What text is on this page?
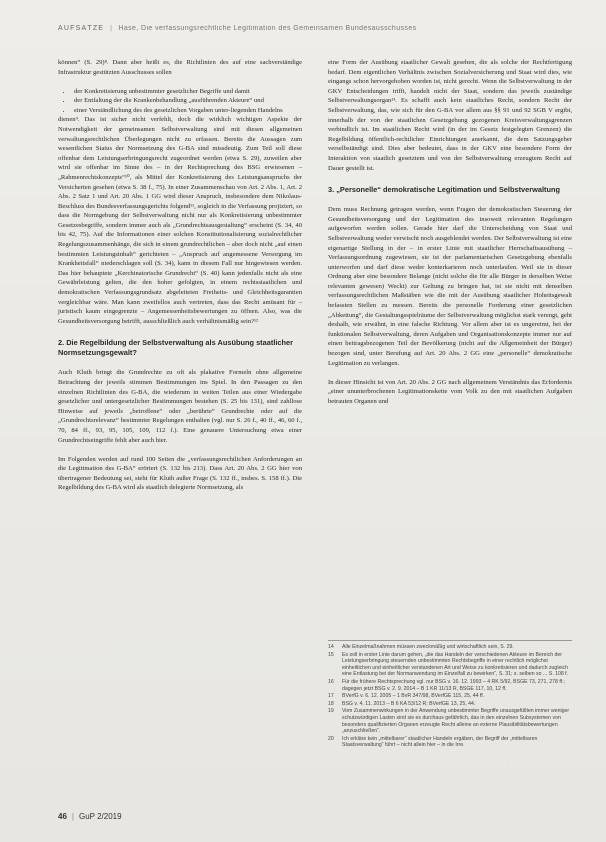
AUFSÄTZE | Hase, Die verfassungsrechtliche Legitimation des Gemeinsamen Bundesausschusses

können“ (S. 29)⁸. Dann aber heißt es, die Richtlinien des auf eine sachverständige Infrastruktur gestützten Ausschusses sollen

• der Konkretisierung unbestimmter gesetzlicher Begriffe und damit
• der Entfaltung der die Krankenbehandlung „ausführenden Akteure“ und
• einer Verständlichung des des gesetzlichen Vorgaben unter-liegenden Handelns

dienen⁹. Das ist sicher nicht verfehlt, doch die wirklich wichtigen Aspekte der Notwendigkeit der gemeinsamen Selbstverwaltung sind mit diesen allgemeinen verwaltungsrechtlichen Überlegungen nicht zu erfassen. Bereits die Aussagen zum wesentlichen Status der Normsetzung des G-BA sind missdeutig. Zum Teil soll diese offenbar dem Leistungserbringungsrecht zugeordnet werden (etwa S. 29), zuweilen aber wird sie offenbar im Sinne des – in der Rechtsprechung des BSG erwiesenen – „Rahmenrechtskonzepts“¹⁰, als Mittel der Konkretisierung des Leistungsanspruchs der Versicherten gesehen (etwa S. 38 f., 75). In einer Zusammenschau von Art. 2 Abs. 1, Art. 2 Abs. 2 Satz 1 und Art. 20 Abs. 1 GG wird dieser Anspruch, insbesondere dem Nikolaus-Beschluss des Bundesverfassungsgerichts folgend¹¹, sogleich in die Verfassung projiziert, so dass die Normgebung der Selbstverwaltung nicht nur als Konkretisierung unbestimmter Gesetzesbegriffe, sondern immer auch als „Grundrechtsausgestaltung“ erscheint (S. 34, 40 bis 42, 75). Auf die Informationen einer solchen Konstitutionalisierung sozialrechtlicher Regelungszusammenhänge, die sich in einem grundrechtlichen – aber doch nicht „auf einen bestimmten Leistungsinhalt“ gerichteten – „Anspruch auf angemessene Versorgung im Krankheitsfall“ niederschlagen soll (S. 34), kann in diesem Fall nur hingewiesen werden. Das hier behauptete „Kerchinatorische Grundrecht“ (S. 40) kann jedenfalls nicht als eine Gewährleistung gelten, die den hoher gefolgten, in einem rechtsstaatlichen und demokratischen Verfassungsgrundsatz abgeleiteten Freiheits- und Gleichheitsgarantien vergleichbar wäre. Man kann zweifellos auch vertreten, dass das Recht amüsant für – juristisch kaum eingegrenzte – Angemessenheitsbewertungen zu öffnen. Also, was die Gesundheitsversorgung betrifft, ausschließlich auch verhältnismäßig sein?¹²

2. Die Regelbildung der Selbstverwaltung als Ausübung staatlicher Normsetzungsgewalt?

Auch Kluth bringt die Grundrechte zu oft als plakative Formeln ohne allgemeine Betrachtung der jeweils stimmen Bestimmungen ins Spiel. In den Passagen zu den einzelnen Richtlinien des G-BA, die wiederum in weiten Teilen aus einer Wiedergabe gesetzlicher und untergesetzlicher Bestimmungen bestehen (S. 25 bis 131), sind zahllose Hinweise auf jeweils „betroffene“ oder „berührte“ Grundrechte oder auf die „Grundrechtsrelevanz“ bestimmter Regelungen enthalten (vgl. nur S. 26 f., 40 ff., 46, 60 f., 70, 84 ff., 93, 95, 105, 109, 112 f.). Eine genauere Untersuchung etwa einer Grundrechtseingriffe fehlt aber auch hier.

Im Folgenden werden auf rund 100 Seiten die „verfassungsrechtlichen Anforderungen an die Legitimation des G-BA“ erörtert (S. 132 bis 213). Dass Art. 20 Abs. 2 GG hier von übertragener Bedeutung sei, steht für Kluth außer Frage (S. 132 ff., insbes. S. 158 ff.). Die Regelbildung des G-BA wird als staatlich delegierte Normsetzung, als

eine Form der Ausübung staatlicher Gewalt gesehen, die als solche der Rechtfertigung bedarf. Dem eigentlichen Verhältnis zwischen Sozialversicherung und Staat wird dies, wie eingangs schon hervorgehoben worden ist, nicht gerecht. Wenn die Selbstverwaltung in der GKV Entscheidungen trifft, handelt nicht der Staat, sondern das jeweils zuständige Selbstverwaltungsorgan¹³. Es schafft auch kein staatliches Recht, sondern Recht der Selbstverwaltung, das, wie sich für den G-BA vor allem aus §§ 91 und 92 SGB V ergibt, innerhalb der von der staatlichen Gesetzgebung gezogenen Kreisverwaltungsgrenzen verbindlich ist. Im staatlichen Recht wird (in der im Gesetz festgelegten Grenzen) die Regelbildung öffentlich-rechtlicher Einrichtungen anerkannt, die dem Satzungsgeber verselbständigt sind. Dies aber bedeutet, dass in der GKV eine besondere Form der Interaktion von staatlich gesetztem und von der Selbstverwaltung erzeugtem Recht auf Dauer gestellt ist.

3. „Personelle“ demokratische Legitimation und Selbstverwaltung

Dem muss Rechnung getragen werden, wenn Fragen der demokratischen Steuerung der Gesundheitsversorgung und der Legitimation des insoweit relevanten Regelungen aufgeworfen werden sollen. Gerade hier darf die Unterscheidung von Staat und Selbstverwaltung weder verwischt noch ausgeblendet werden. Der Selbstverwaltung ist eine eigenartige Stellung in der – in erster Linie mit staatlicher Herrschaftsausübung – Verfassungsordnung zugewiesen, sie ist der parlamentarischen Gesetzgebung ebenfalls unterworfen und darf diese weder konterkarieren noch unterlaufen. Weil sie in dieser Ordnung aber eine besondere Belange (nicht solche die für alle Bürger in derselben Weise relevanten gewesen) Weckt) zur Geltung zu bringen hat, ist sie nicht mit denselben verfassungsrechtlichen Maßstäben wie die mit der Ausübung staatlicher Hoheitsgewalt befassten Stellen zu messen. Bereits die personelle Forderung einer gesetzlichen „Abkettung“, die Gestaltungsspielräume der Selbstverwaltung möglichst stark verengt, geht deshalb, wie erwähnt, in eine falsche Richtung. Vor allem aber ist es ungereimt, bei der funktionalen Selbstverwaltung, deren Aufgaben und Organisationskonzepte immer nur auf einen beitragsbezogenen Teil der Bevölkerung (nicht auf die Allgemeinheit der Bürger) bezogen sind, unter Berufung auf Art. 20 Abs. 2 GG eine „personelle“ demokratische Legitimation zu verlangen.

In dieser Hinsicht ist von Art. 20 Abs. 2 GG nach allgemeinem Verständnis das Erfordernis „einer ununterbrochenen Legitimationskette vom Volk zu den mit staatlichen Aufgaben betrauten Organen und

14	Alle Einzelmaßnahmen müssen zweckmäßig und wirtschaftlich sein, S. 29.
15	Es soll in erster Linie darum gehen, „die das Handeln der verschiedenen Akteure im Bereich der Leistungserbringung steuernden unbestimmten Rechtsbegriffe in einer rechtlich möglichst einheitlichen und einheitlicher verstandenen Art und Weise zu konkretisieren und dadurch zugleich eine Entlastung bei der Normanwendung im Einzelfall zu bewirken“, S. 31; s. selben so ... S. 108 f.
16	Für die frühere Rechtsprechung vgl. nur BSG v. 16. 12. 1993 – 4 RK 5/92, BSGE 73, 271, 278 ff.; dagegen jetzt BSG v. 2. 9. 2014 – B 1 KR 11/13 R, BSGE 117, 10, 12 ff.
17	BVerfG v. 6. 12. 2005 – 1 BvR 347/98, BVerfGE 115, 25, 44 ff.
18	BSG v. 4. 11. 2013 – B 6 KA 53/12 R; BVerfGE 13, 25, 44.
19	Vom Zusammenwirkungen in der Anwendung unbestimmter Begriffe unausgefüllten immer weniger schutzwürdigen Lasten sind sie es durchaus gefährlich, das in den einzelnen Subsystemen von besonders qualifizierten Organen erzeugte Recht alleine an externe Plausibilitätsbewertungen „anzuschließen“.
20	Ich erkläre kein „mittelbarer“ staatlicher Handeln ergäben, der Begriff der „mittelbaren Staatsverwaltung“ führt – nicht allein hier – in die Irre.
46 | GuP 2/2019
